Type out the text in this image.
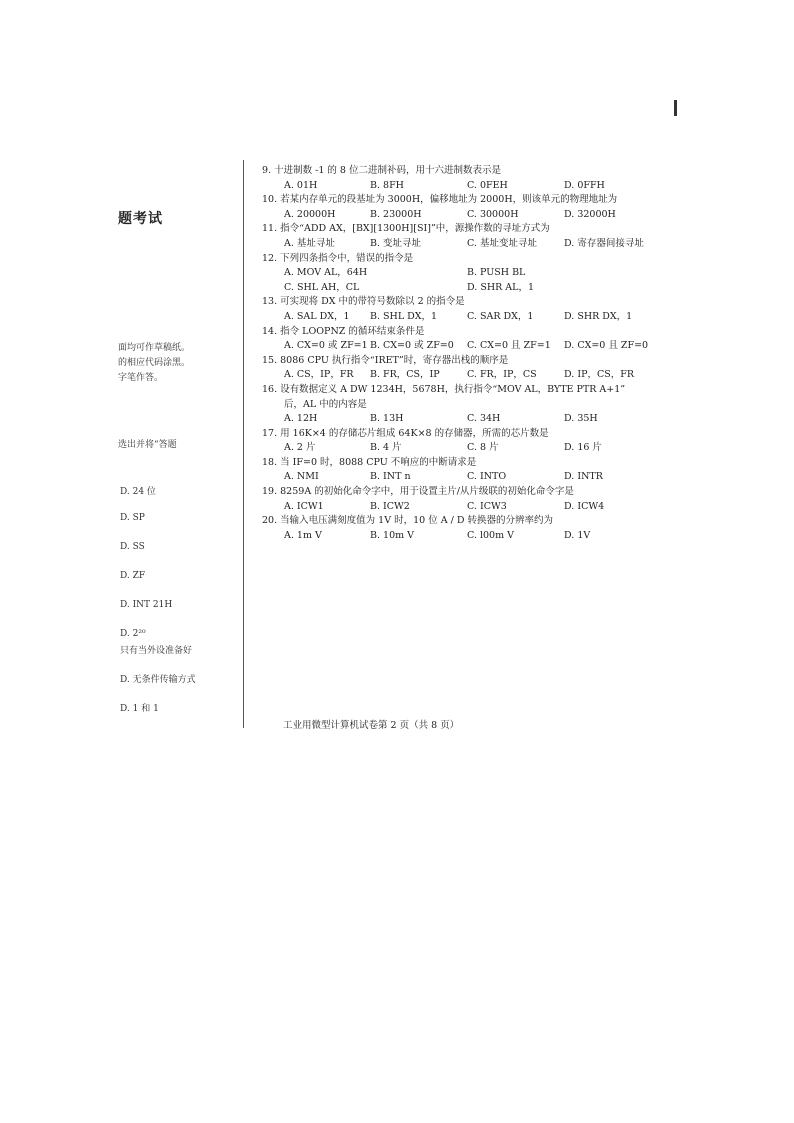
题考试
面均可作草稿纸。
的相应代码涂黑。
字笔作答。
选出并将“答题
D. 24 位
D. SP
D. SS
D. ZF
D. INT 21H
D. 2²⁰
只有当外设准备好
D. 无条件传输方式
D. 1 和 1
9. 十进制数 -1 的 8 位二进制补码，用十六进制数表示是
A. 01H	B. 8FH	C. 0FEH	D. 0FFH
10. 若某内存单元的段基址为 3000H，偏移地址为 2000H，则该单元的物理地址为
A. 20000H	B. 23000H	C. 30000H	D. 32000H
11. 指令“ADD AX，[BX][1300H][SI]”中，源操作数的寻址方式为
A. 基址寻址	B. 变址寻址	C. 基址变址寻址	D. 寄存器间接寻址
12. 下列四条指令中，错误的指令是
A. MOV AL，64H	B. PUSH BL
C. SHL AH，CL	D. SHR AL，1
13. 可实现将 DX 中的带符号数除以 2 的指令是
A. SAL DX，1 B. SHL DX，1	C. SAR DX，1	D. SHR DX，1
14. 指令 LOOPNZ 的循环结束条件是
A. CX=0 或 ZF=1 B. CX=0 或 ZF=0 C. CX=0 且 ZF=1 D. CX=0 且 ZF=0
15. 8086 CPU 执行指令“IRET”时，寄存器出栈的顺序是
A. CS，IP，FR B. FR，CS，IP	C. FR，IP，CS	D. IP，CS，FR
16. 设有数据定义 A DW 1234H，5678H，执行指令“MOV AL，BYTE PTR A+1”
后，AL 中的内容是
A. 12H	B. 13H	C. 34H	D. 35H
17. 用 16K×4 的存储芯片组成 64K×8 的存储器，所需的芯片数是
A. 2 片	B. 4 片	C. 8 片	D. 16 片
18. 当 IF=0 时，8088 CPU 不响应的中断请求是
A. NMI	B. INT n	C. INTO	D. INTR
19. 8259A 的初始化命令字中，用于设置主片/从片级联的初始化命令字是
A. ICW1	B. ICW2	C. ICW3	D. ICW4
20. 当输入电压满刻度值为 1V 时，10 位 A / D 转换器的分辨率约为
A. 1m V	B. 10m V	C. l00m V	D. 1V
工业用微型计算机试卷第 2 页（共 8 页）
